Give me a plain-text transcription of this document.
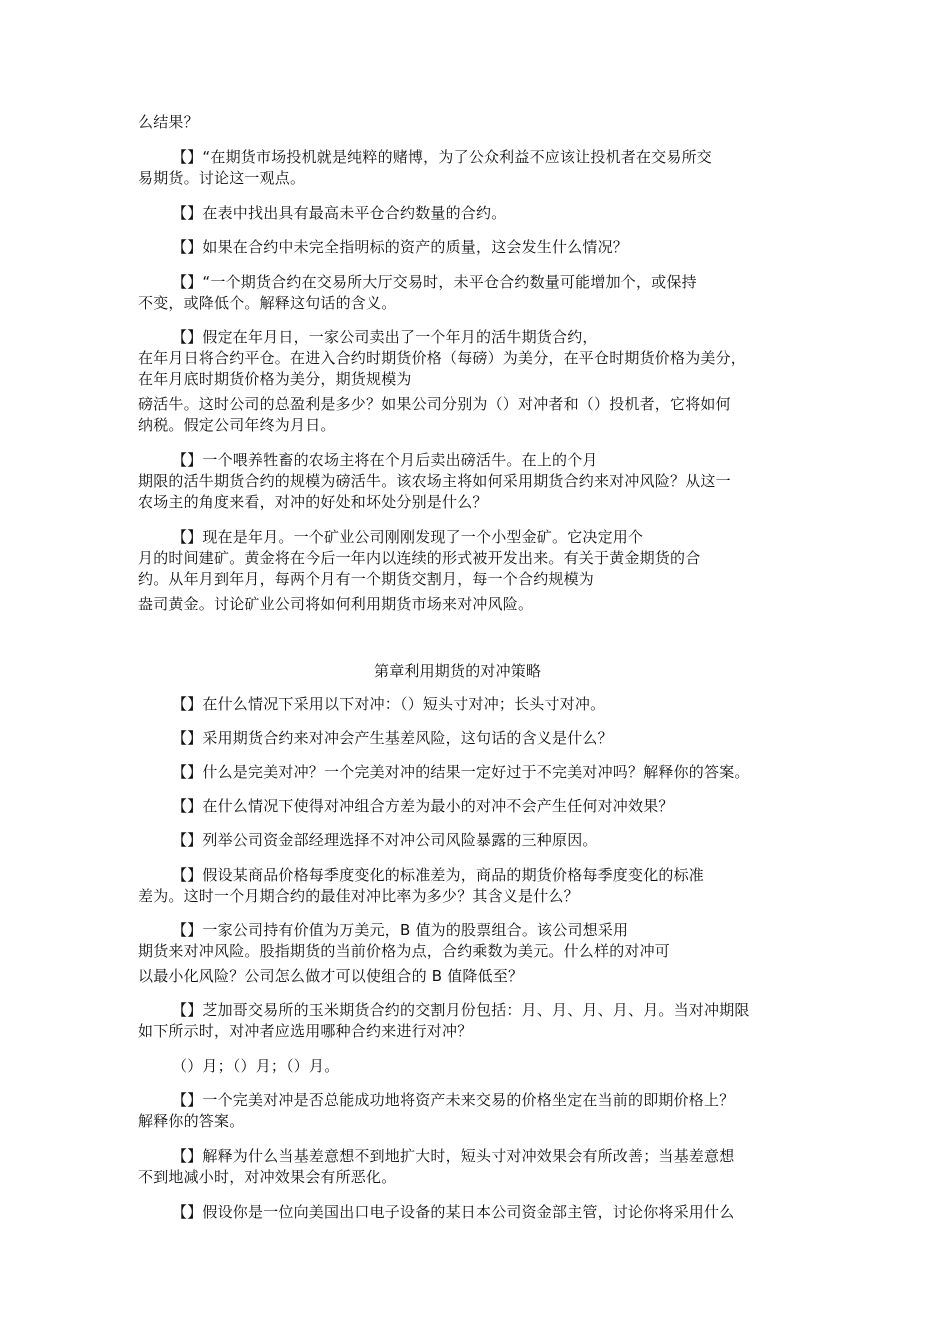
么结果？

【】“在期货市场投机就是纯粹的赌博，为了公众利益不应该让投机者在交易所交

易期货。讨论这一观点。

【】在表中找出具有最高未平仓合约数量的合约。

【】如果在合约中未完全指明标的资产的质量，这会发生什么情况？

【】“一个期货合约在交易所大厅交易时，未平仓合约数量可能增加个，或保持

不变，或降低个。解释这句话的含义。

【】假定在年月日，一家公司卖出了一个年月的活牛期货合约，

在年月日将合约平仓。在进入合约时期货价格（每磅）为美分，在平仓时期货价格为美分，

在年月底时期货价格为美分，期货规模为

磅活牛。这时公司的总盈利是多少？如果公司分别为（）对冲者和（）投机者，它将如何

纳税。假定公司年终为月日。

【】一个喂养牲畜的农场主将在个月后卖出磅活牛。在上的个月

期限的活牛期货合约的规模为磅活牛。该农场主将如何采用期货合约来对冲风险？从这一

农场主的角度来看，对冲的好处和坏处分别是什么？

【】现在是年月。一个矿业公司刚刚发现了一个小型金矿。它决定用个

月的时间建矿。黄金将在今后一年内以连续的形式被开发出来。有关于黄金期货的合

约。从年月到年月，每两个月有一个期货交割月，每一个合约规模为

盎司黄金。讨论矿业公司将如何利用期货市场来对冲风险。

第章利用期货的对冲策略

【】在什么情况下采用以下对冲：（）短头寸对冲；长头寸对冲。

【】采用期货合约来对冲会产生基差风险，这句话的含义是什么？

【】什么是完美对冲？一个完美对冲的结果一定好过于不完美对冲吗？解释你的答案。

【】在什么情况下使得对冲组合方差为最小的对冲不会产生任何对冲效果？

【】列举公司资金部经理选择不对冲公司风险暴露的三种原因。

【】假设某商品价格每季度变化的标准差为，商品的期货价格每季度变化的标准

差为。这时一个月期合约的最佳对冲比率为多少？其含义是什么？

【】一家公司持有价值为万美元，B 值为的股票组合。该公司想采用

期货来对冲风险。股指期货的当前价格为点，合约乘数为美元。什么样的对冲可

以最小化风险？公司怎么做才可以使组合的 B 值降低至？

【】芝加哥交易所的玉米期货合约的交割月份包括：月、月、月、月、月。当对冲期限

如下所示时，对冲者应选用哪种合约来进行对冲？

（）月；（）月；（）月。

【】一个完美对冲是否总能成功地将资产未来交易的价格坐定在当前的即期价格上？

解释你的答案。

【】解释为什么当基差意想不到地扩大时，短头寸对冲效果会有所改善；当基差意想

不到地减小时，对冲效果会有所恶化。

【】假设你是一位向美国出口电子设备的某日本公司资金部主管，讨论你将采用什么
